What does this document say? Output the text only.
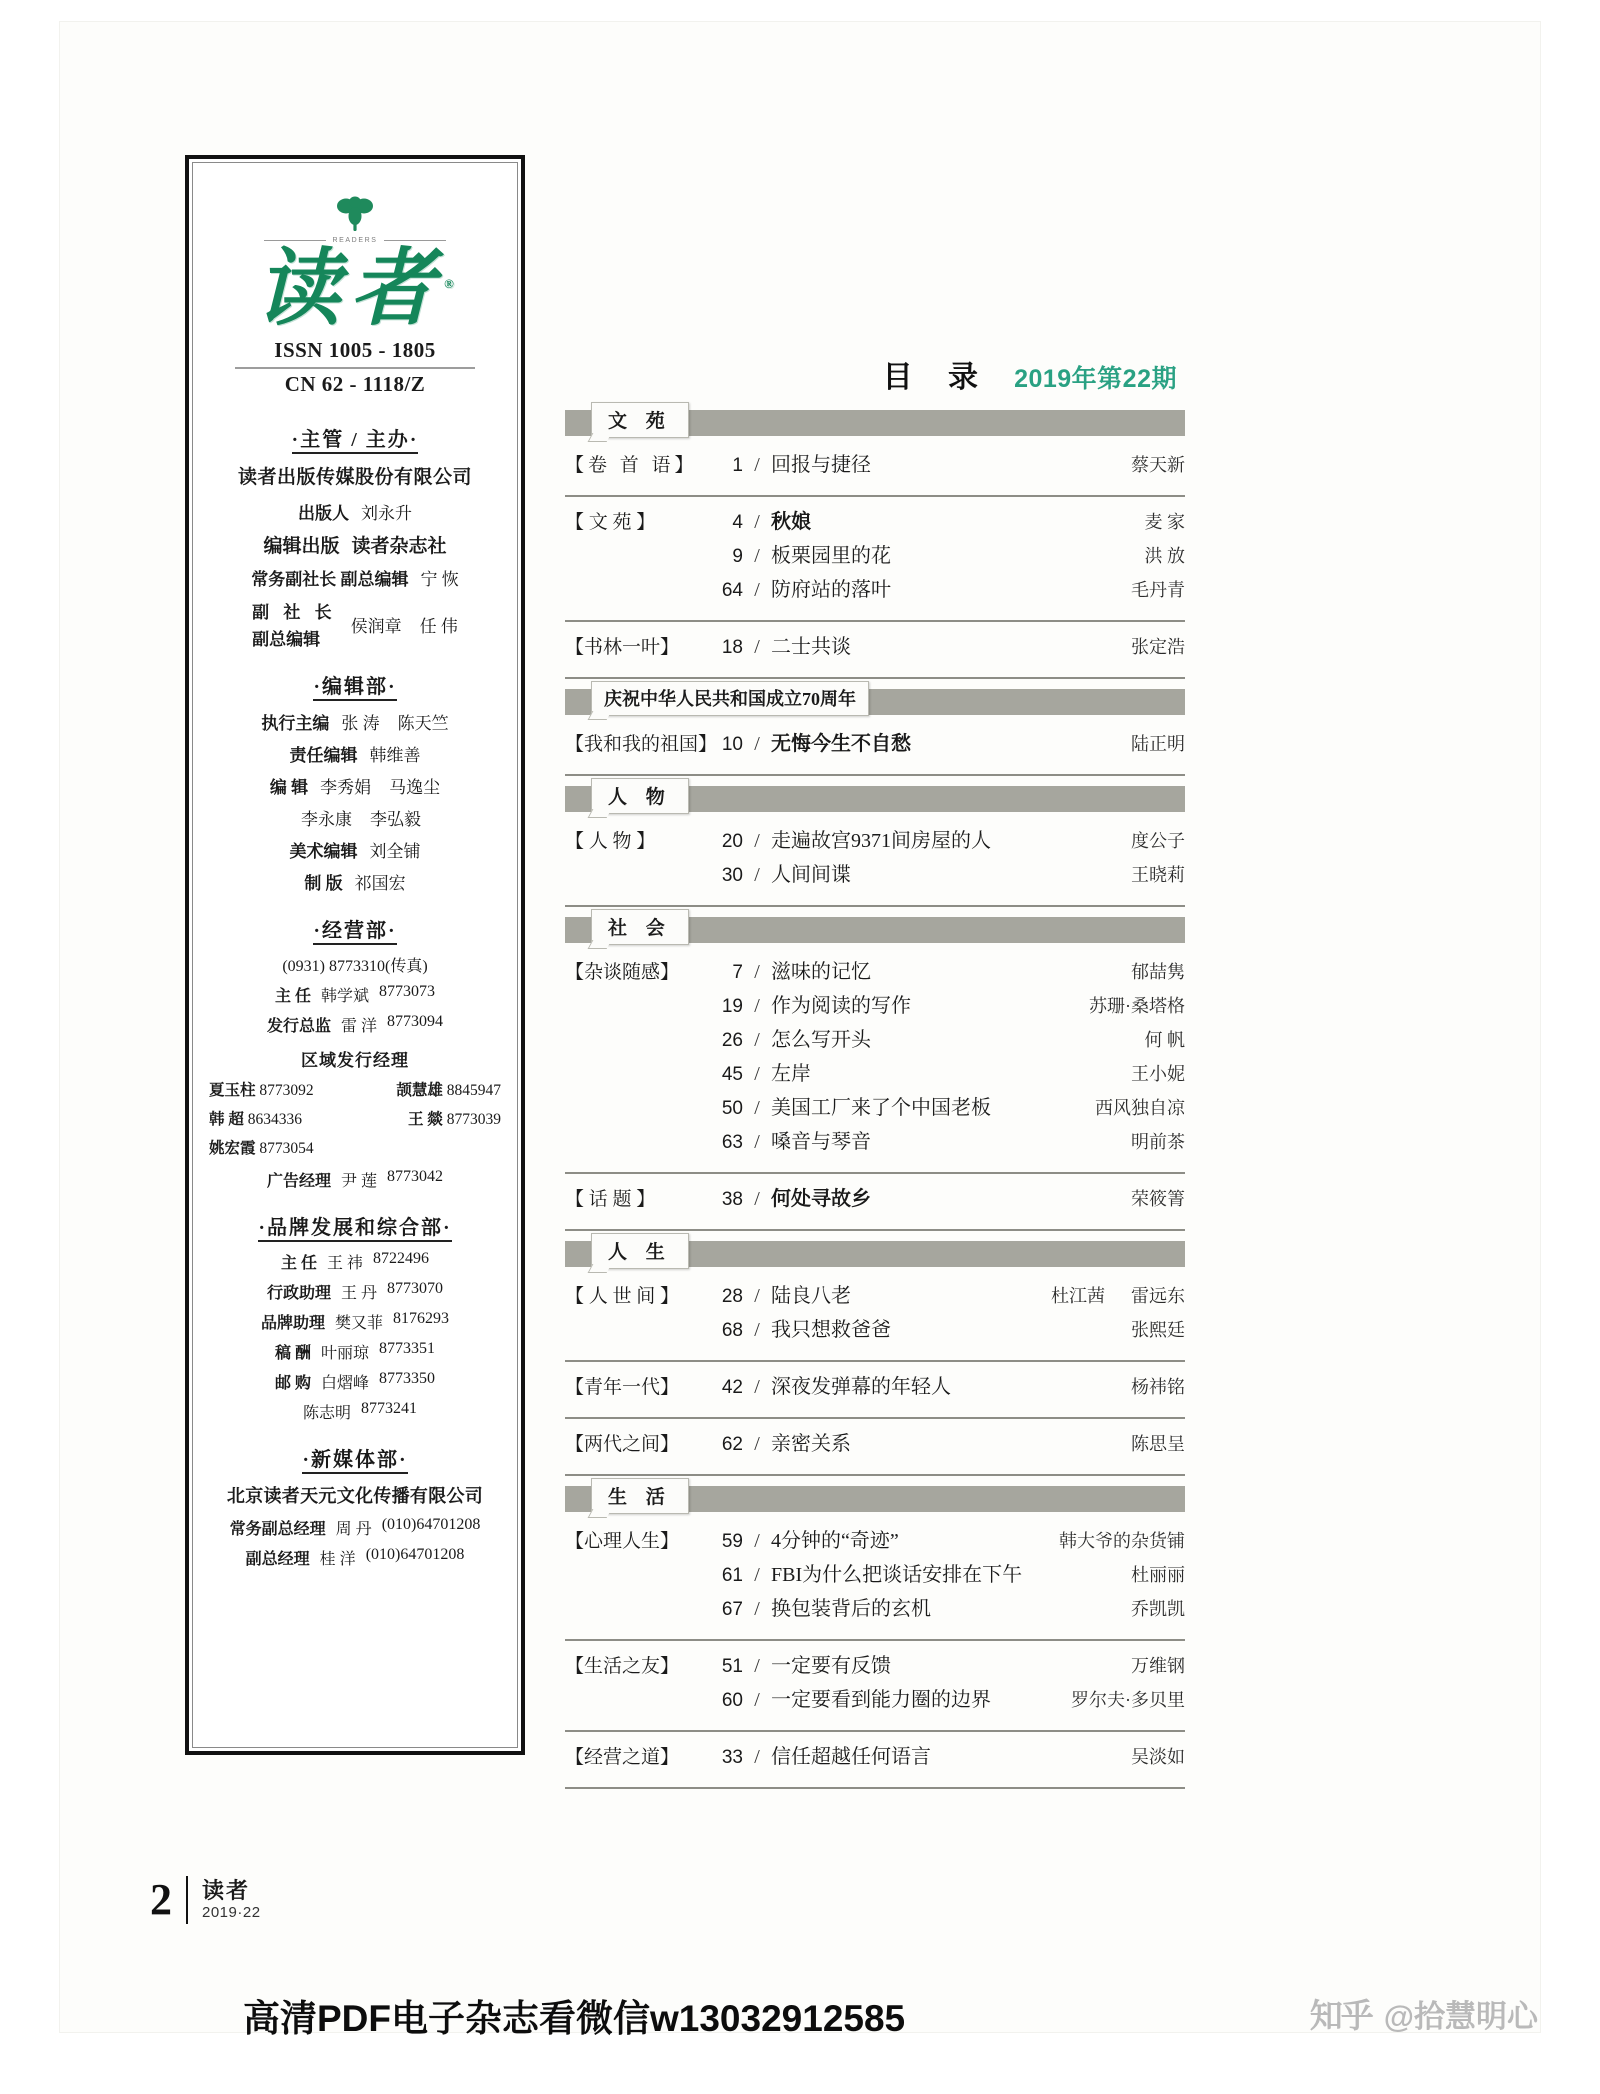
READERS
读者®
ISSN 1005 - 1805
CN 62 - 1118/Z
·主管 / 主办·
读者出版传媒股份有限公司
出版人 刘永升
编辑出版 读者杂志社
常务副社长 副总编辑 宁 恢
副 社 长
副总编辑
侯润章 任 伟
·编辑部·
执行主编 张 涛 陈天竺
责任编辑 韩维善
编 辑 李秀娟 马逸尘
李永康 李弘毅
美术编辑 刘全铺
制 版 祁国宏
·经营部·
(0931) 8773310(传真)
主 任 韩学斌 8773073
发行总监 雷 洋 8773094
区域发行经理
夏玉柱 8773092	颉慧雄 8845947
韩 超 8634336	王 燚 8773039
姚宏霞 8773054
广告经理 尹 莲 8773042
·品牌发展和综合部·
主 任 王 祎 8722496
行政助理 王 丹 8773070
品牌助理 樊又菲 8176293
稿 酬 叶丽琼 8773351
邮 购 白熠峰 8773350
陈志明 8773241
·新媒体部·
北京读者天元文化传播有限公司
常务副总经理 周 丹 (010)64701208
副总经理 桂 洋 (010)64701208
目 录 2019年第22期
文 苑
【卷 首 语】	1 / 回报与捷径	蔡天新
【 文 苑 】	4 / 秋娘	麦 家
9 / 板栗园里的花	洪 放
64 / 防府站的落叶	毛丹青
【书林一叶】	18 / 二士共谈	张定浩
庆祝中华人民共和国成立70周年
【我和我的祖国】 10 / 无悔今生不自愁	陆正明
人 物
【 人 物 】	20 / 走遍故宫9371间房屋的人	度公子
30 / 人间间谍	王晓莉
社 会
【杂谈随感】	7 / 滋味的记忆	郁喆隽
19 / 作为阅读的写作	苏珊·桑塔格
26 / 怎么写开头	何 帆
45 / 左岸	王小妮
50 / 美国工厂来了个中国老板	西风独自凉
63 / 嗓音与琴音	明前茶
【 话 题 】	38 / 何处寻故乡	荣筱箐
人 生
【 人 世 间 】	28 / 陆良八老	杜江茜 雷远东
68 / 我只想救爸爸	张熙廷
【青年一代】	42 / 深夜发弹幕的年轻人	杨祎铭
【两代之间】	62 / 亲密关系	陈思呈
生 活
【心理人生】	59 / 4分钟的“奇迹”	韩大爷的杂货铺
61 / FBI为什么把谈话安排在下午	杜丽丽
67 / 换包装背后的玄机	乔凯凯
【生活之友】	51 / 一定要有反馈	万维钢
60 / 一定要看到能力圈的边界	罗尔夫·多贝里
【经营之道】	33 / 信任超越任何语言	吴淡如
2 读者
2019·22
高清PDF电子杂志看微信w13032912585	知乎 @拾慧明心
